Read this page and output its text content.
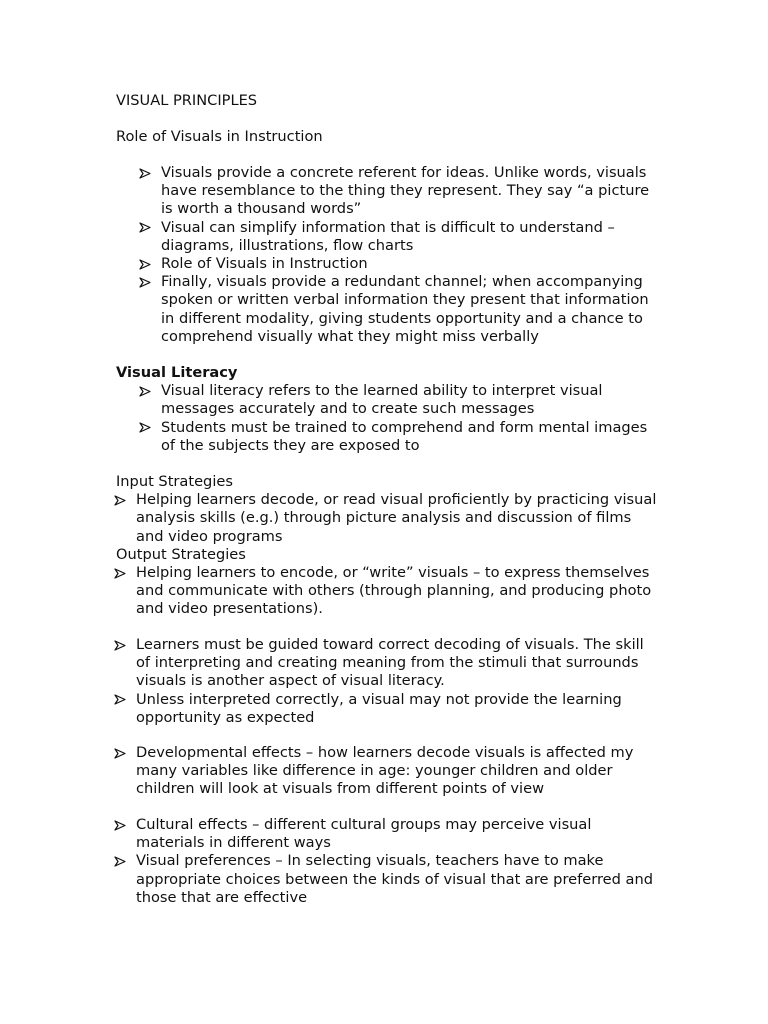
VISUAL PRINCIPLES
Role of Visuals in Instruction
Visuals provide a concrete referent for ideas. Unlike words, visuals
have resemblance to the thing they represent. They say “a picture
is worth a thousand words”
Visual can simplify information that is difficult to understand –
diagrams, illustrations, flow charts
Role of Visuals in Instruction
Finally, visuals provide a redundant channel; when accompanying
spoken or written verbal information they present that information
in different modality, giving students opportunity and a chance to
comprehend visually what they might miss verbally
Visual Literacy
Visual literacy refers to the learned ability to interpret visual
messages accurately and to create such messages
Students must be trained to comprehend and form mental images
of the subjects they are exposed to
Input Strategies
Helping learners decode, or read visual proficiently by practicing visual
analysis skills (e.g.) through picture analysis and discussion of films
and video programs
Output Strategies
Helping learners to encode, or “write” visuals – to express themselves
and communicate with others (through planning, and producing photo
and video presentations).
Learners must be guided toward correct decoding of visuals. The skill
of interpreting and creating meaning from the stimuli that surrounds
visuals is another aspect of visual literacy.
Unless interpreted correctly, a visual may not provide the learning
opportunity as expected
Developmental effects – how learners decode visuals is affected my
many variables like difference in age: younger children and older
children will look at visuals from different points of view
Cultural effects – different cultural groups may perceive visual
materials in different ways
Visual preferences – In selecting visuals, teachers have to make
appropriate choices between the kinds of visual that are preferred and
those that are effective
